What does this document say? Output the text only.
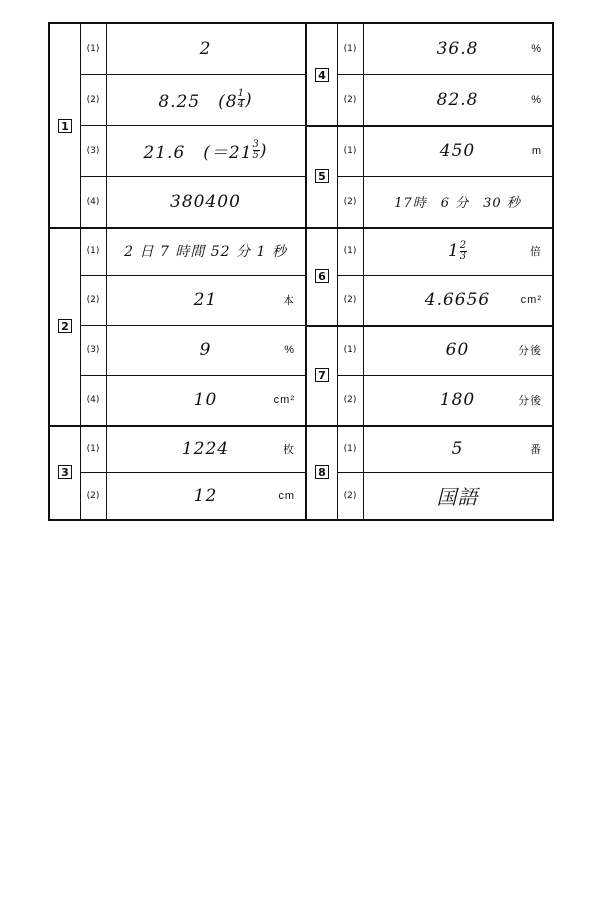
1
(1)	2
(2)	8.25　($8 \frac{1}{4}$ )
(3)	21.6　($=21 \frac{3}{5}$ )
(4)	380400
2
(1)	2 日 7 時間 52 分 1 秒
(2)	21	本
(3)	9	%
(4)	10	cm²
3
(1)	1224	枚
(2)	12	cm
4
(1)	36.8	%
(2)	82.8	%
5
(1)	450	m
(2)	17時　6 分　30 秒
6
(1)	$1 \frac{2}{3}$	倍
(2)	4.6656	cm²
7
(1)	60	分後
(2)	180	分後
8
(1)	5	番
(2)	国語
